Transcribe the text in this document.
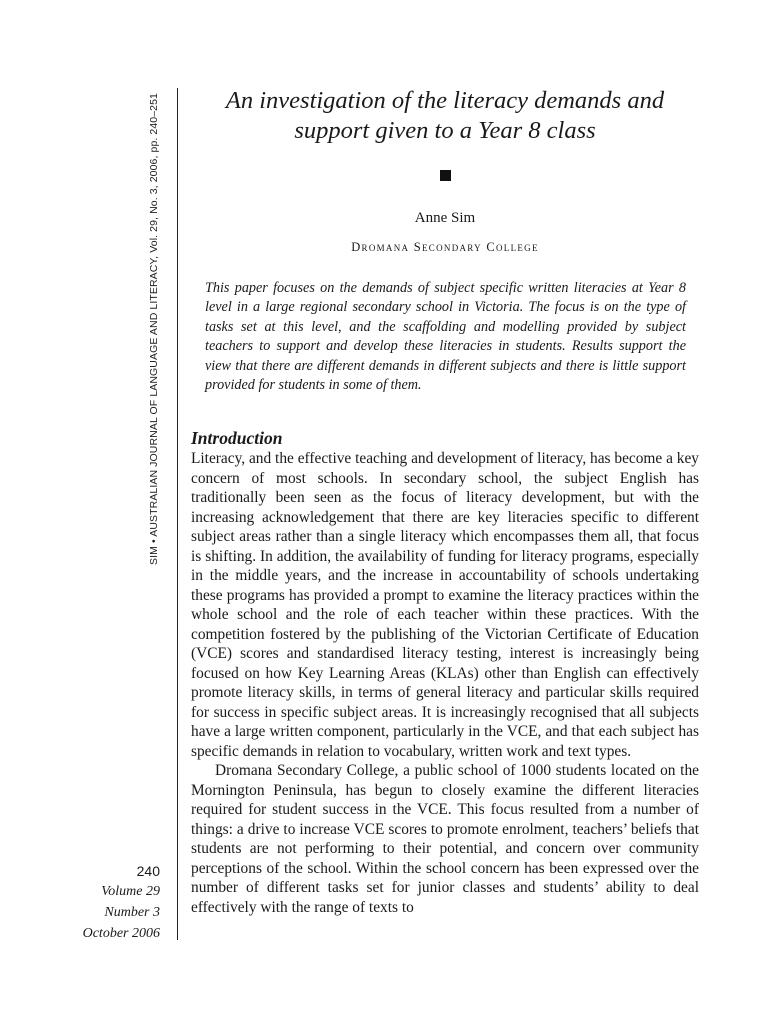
SIM • AUSTRALIAN JOURNAL OF LANGUAGE AND LITERACY, Vol. 29, No. 3, 2006, pp. 240–251
240
Volume 29
Number 3
October 2006
An investigation of the literacy demands and support given to a Year 8 class
Anne Sim
Dromana Secondary College
This paper focuses on the demands of subject specific written literacies at Year 8 level in a large regional secondary school in Victoria. The focus is on the type of tasks set at this level, and the scaffolding and modelling provided by subject teachers to support and develop these literacies in students. Results support the view that there are different demands in different subjects and there is little support provided for students in some of them.
Introduction

Literacy, and the effective teaching and development of literacy, has become a key concern of most schools. In secondary school, the subject English has traditionally been seen as the focus of literacy development, but with the increasing acknowledgement that there are key literacies specific to different subject areas rather than a single literacy which encompasses them all, that focus is shifting. In addition, the availability of funding for literacy programs, especially in the middle years, and the increase in accountability of schools undertaking these programs has provided a prompt to examine the literacy practices within the whole school and the role of each teacher within these practices. With the competition fostered by the publishing of the Victorian Certificate of Education (VCE) scores and standardised literacy testing, interest is increasingly being focused on how Key Learning Areas (KLAs) other than English can effectively promote literacy skills, in terms of general literacy and particular skills required for success in specific subject areas. It is increasingly recognised that all subjects have a large written component, particularly in the VCE, and that each subject has specific demands in relation to vocabulary, written work and text types.

Dromana Secondary College, a public school of 1000 students located on the Mornington Peninsula, has begun to closely examine the different literacies required for student success in the VCE. This focus resulted from a number of things: a drive to increase VCE scores to promote enrolment, teachers’ beliefs that students are not performing to their potential, and concern over community perceptions of the school. Within the school concern has been expressed over the number of different tasks set for junior classes and students’ ability to deal effectively with the range of texts to
